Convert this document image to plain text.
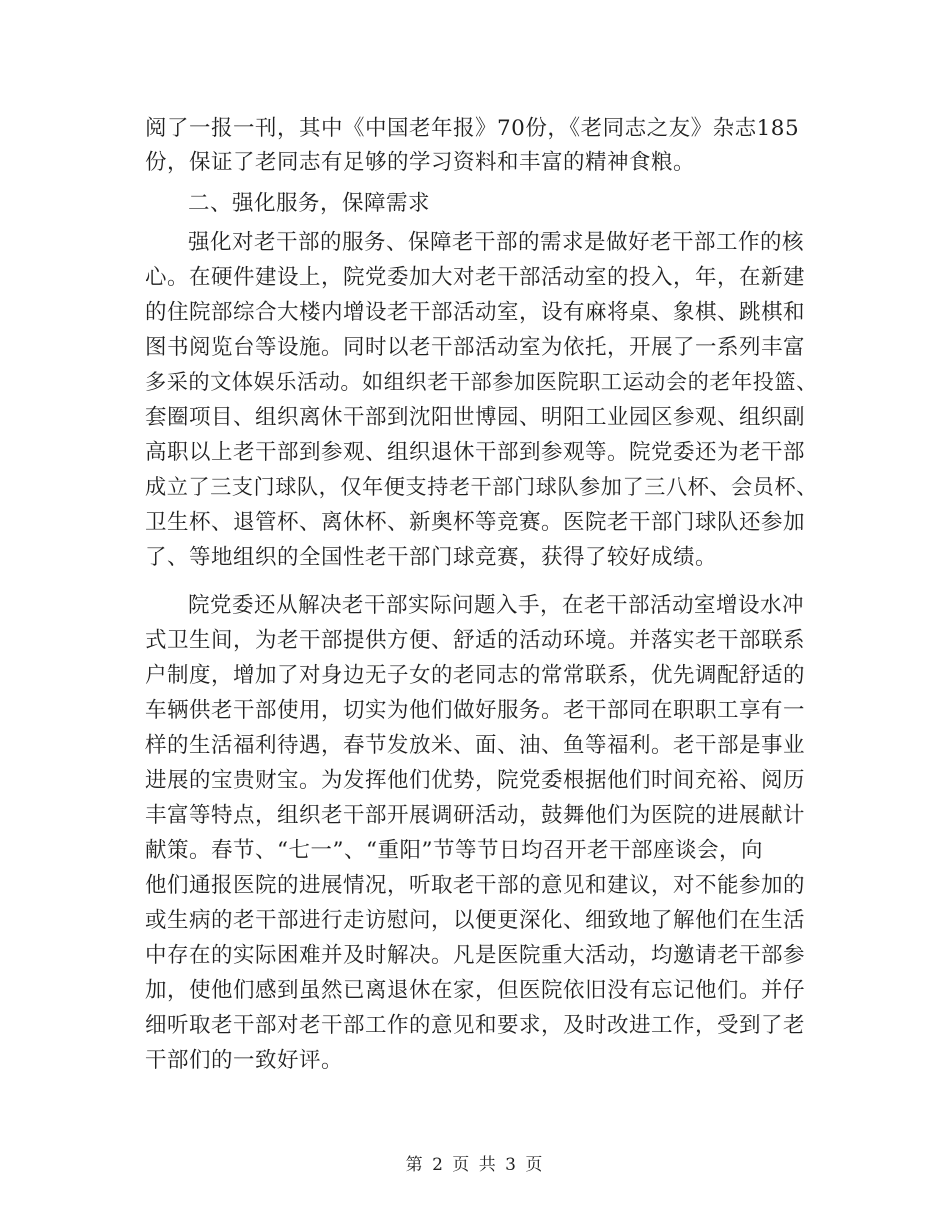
阅了一报一刊，其中《中国老年报》70份，《老同志之友》杂志185
份，保证了老同志有足够的学习资料和丰富的精神食粮。
二、强化服务，保障需求
强化对老干部的服务、保障老干部的需求是做好老干部工作的核
心。在硬件建设上，院党委加大对老干部活动室的投入，年，在新建
的住院部综合大楼内增设老干部活动室，设有麻将桌、象棋、跳棋和
图书阅览台等设施。同时以老干部活动室为依托，开展了一系列丰富
多采的文体娱乐活动。如组织老干部参加医院职工运动会的老年投篮、
套圈项目、组织离休干部到沈阳世博园、明阳工业园区参观、组织副
高职以上老干部到参观、组织退休干部到参观等。院党委还为老干部
成立了三支门球队，仅年便支持老干部门球队参加了三八杯、会员杯、
卫生杯、退管杯、离休杯、新奥杯等竞赛。医院老干部门球队还参加
了、等地组织的全国性老干部门球竞赛，获得了较好成绩。
院党委还从解决老干部实际问题入手，在老干部活动室增设水冲
式卫生间，为老干部提供方便、舒适的活动环境。并落实老干部联系
户制度，增加了对身边无子女的老同志的常常联系，优先调配舒适的
车辆供老干部使用，切实为他们做好服务。老干部同在职职工享有一
样的生活福利待遇，春节发放米、面、油、鱼等福利。老干部是事业
进展的宝贵财宝。为发挥他们优势，院党委根据他们时间充裕、阅历
丰富等特点，组织老干部开展调研活动，鼓舞他们为医院的进展献计
献策。春节、“七一”、“重阳”节等节日均召开老干部座谈会，向
他们通报医院的进展情况，听取老干部的意见和建议，对不能参加的
或生病的老干部进行走访慰问，以便更深化、细致地了解他们在生活
中存在的实际困难并及时解决。凡是医院重大活动，均邀请老干部参
加，使他们感到虽然已离退休在家，但医院依旧没有忘记他们。并仔
细听取老干部对老干部工作的意见和要求，及时改进工作，受到了老
干部们的一致好评。
第 2 页 共 3 页
